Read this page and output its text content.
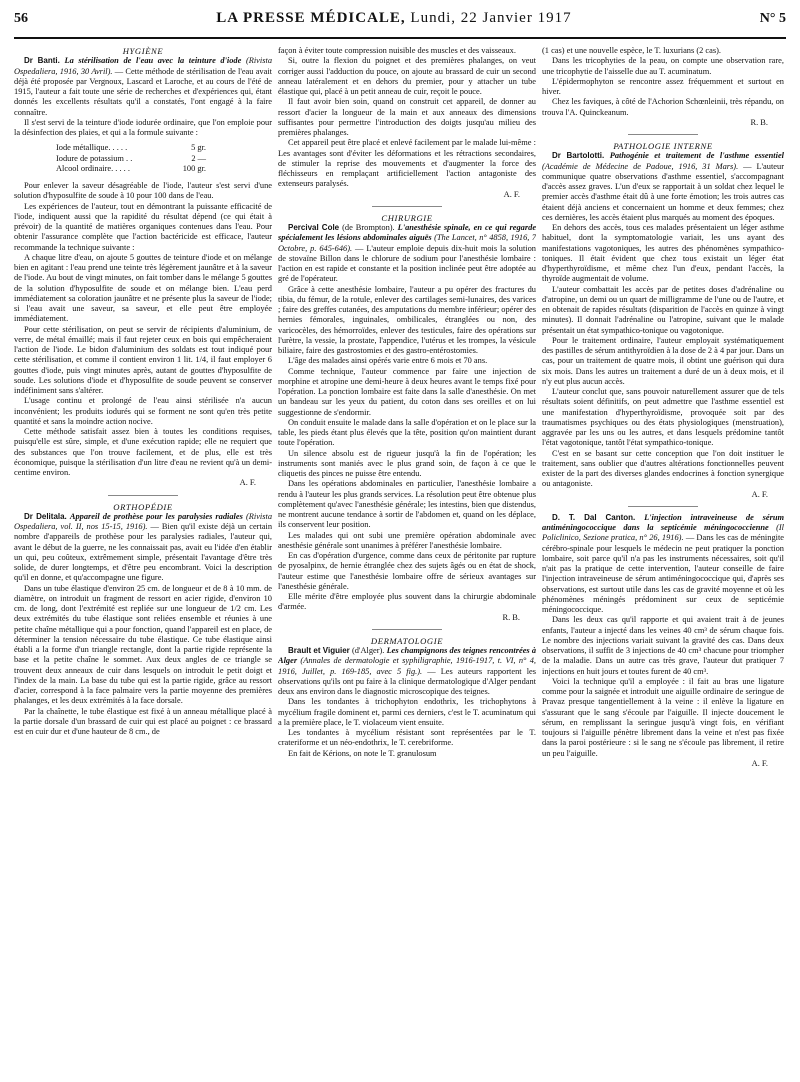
56	LA PRESSE MÉDICALE, Lundi, 22 Janvier 1917	N° 5

HYGIÈNE

Dr Banti. La stérilisation de l'eau avec la teinture d'iode (Rivista Ospedaliera, 1916, 30 Avril). — Cette méthode de stérilisation de l'eau avait déjà été proposée par Vergnoux, Lascard et Laroche, et au cours de l'été de 1915, l'auteur a fait toute une série de recherches et d'expériences qui, étant donnés les excellents résultats qu'il a constatés, l'ont engagé à la faire connaître.

Il s'est servi de la teinture d'iode iodurée ordinaire, que l'on emploie pour la désinfection des plaies, et qui a la formule suivante :

Iode métallique. . . . .	5 gr.
Iodure de potassium . .	2 —
Alcool ordinaire. . . . .	100 gr.

Pour enlever la saveur désagréable de l'iode, l'auteur s'est servi d'une solution d'hyposulfite de soude à 10 pour 100 dans de l'eau.

Les expériences de l'auteur, tout en démontrant la puissante efficacité de l'iode, indiquent aussi que la rapidité du résultat dépend (ce qui était à prévoir) de la quantité de matières organiques contenues dans l'eau. Pour obtenir l'assurance complète que l'action bactéricide est efficace, l'auteur recommande la technique suivante :

A chaque litre d'eau, on ajoute 5 gouttes de teinture d'iode et on mélange bien en agitant : l'eau prend une teinte très légèrement jaunâtre et à la saveur de l'iode. Au bout de vingt minutes, on fait tomber dans le mélange 5 gouttes de la solution d'hyposulfite de soude et on mélange bien. L'eau perd immédiatement sa coloration jaunâtre et ne présente plus la saveur de l'iode; si l'eau avait une saveur, sa saveur, et elle peut être employée immédiatement.

Pour cette stérilisation, on peut se servir de récipients d'aluminium, de verre, de métal émaillé; mais il faut rejeter ceux en bois qui empêcheraient l'action de l'iode. Le bidon d'aluminium des soldats est tout indiqué pour cette stérilisation, et comme il contient environ 1 lit. 1/4, il faut employer 6 gouttes d'iode, puis vingt minutes après, autant de gouttes d'hyposulfite de soude. Les solutions d'iode et d'hyposulfite de soude peuvent se conserver indéfiniment sans s'altérer.

L'usage continu et prolongé de l'eau ainsi stérilisée n'a aucun inconvénient; les produits iodurés qui se forment ne sont qu'en très petite quantité et sans la moindre action nocive.

Cette méthode satisfait assez bien à toutes les conditions requises, puisqu'elle est sûre, simple, et d'une exécution rapide; elle ne requiert que des substances que l'on trouve facilement, et de plus, elle est très économique, puisque la stérilisation d'un litre d'eau ne revient qu'à un demi-centime environ.

A. F.

ORTHOPÉDIE

Dr Delitala. Appareil de prothèse pour les paralysies radiales (Rivista Ospedaliera, vol. II, nos 15-15, 1916). — Bien qu'il existe déjà un certain nombre d'appareils de prothèse pour les paralysies radiales, l'auteur qui, avant le début de la guerre, ne les connaissait pas, avait eu l'idée d'en établir un qui, peu coûteux, extrêmement simple, présentait l'avantage d'être très solide, de durer longtemps, et d'être peu encombrant. Voici la description qu'il en donne, et qu'accompagne une figure.

Dans un tube élastique d'environ 25 cm. de longueur et de 8 à 10 mm. de diamètre, on introduit un fragment de ressort en acier rigide, d'environ 10 cm. de long, dont l'extrémité est repliée sur une longueur de 1/2 cm. Les deux extrémités du tube élastique sont reliées ensemble et réunies à une petite chaîne métallique qui a pour fonction, quand l'appareil est en place, de déterminer la tension nécessaire du tube élastique. Ce tube élastique ainsi établi a la forme d'un triangle rectangle, dont la partie rigide représente la base et la petite chaîne le sommet. Aux deux angles de ce triangle se trouvent deux anneaux de cuir dans lesquels on introduit le petit doigt et l'index de la main. La base du tube qui est la partie rigide, grâce au ressort d'acier, correspond à la face palmaire vers la partie moyenne des premières phalanges, et les deux extrémités à la face dorsale.

Par la chaînette, le tube élastique est fixé à un anneau métallique placé à la partie dorsale d'un brassard de cuir qui est placé au poignet : ce brassard est en cuir dur et d'une hauteur de 8 cm., de

façon à éviter toute compression nuisible des muscles et des vaisseaux.

Si, outre la flexion du poignet et des premières phalanges, on veut corriger aussi l'adduction du pouce, on ajoute au brassard de cuir un second anneau latéralement et en dehors du premier, pour y attacher un tube élastique qui, placé à un petit anneau de cuir, reçoit le pouce.

Il faut avoir bien soin, quand on construit cet appareil, de donner au ressort d'acier la longueur de la main et aux anneaux des dimensions suffisantes pour permettre l'introduction des doigts jusqu'au milieu des premières phalanges.

Cet appareil peut être placé et enlevé facilement par le malade lui-même : Les avantages sont d'éviter les déformations et les rétractions secondaires, de stimuler la reprise des mouvements et d'augmenter la force des fléchisseurs en remplaçant artificiellement l'action antagoniste des extenseurs paralysés.

A. F.

CHIRURGIE

Percival Cole (de Brompton). L'anesthésie spinale, en ce qui regarde spécialement les lésions abdominales aiguës (The Lancet, n° 4858, 1916, 7 Octobre, p. 645-646). — L'auteur emploie depuis dix-huit mois la solution de stovaïne Billon dans le chlorure de sodium pour l'anesthésie lombaire : l'action en est rapide et constante et la position inclinée peut être adoptée au gré de l'opérateur.

Grâce à cette anesthésie lombaire, l'auteur a pu opérer des fractures du tibia, du fémur, de la rotule, enlever des cartilages semi-lunaires, des varices ; faire des greffes cutanées, des amputations du membre inférieur; opérer des hernies fémorales, inguinales, ombilicales, étranglées ou non, des varicocèles, des hémorroïdes, enlever des testicules, faire des opérations sur l'urètre, la vessie, la prostate, l'appendice, l'utérus et les trompes, la vésicule biliaire, faire des gastrostomies et des gastro-entérostomies.

L'âge des malades ainsi opérés varie entre 6 mois et 70 ans.

Comme technique, l'auteur commence par faire une injection de morphine et atropine une demi-heure à deux heures avant le temps fixé pour l'opération. La ponction lombaire est faite dans la salle d'anesthésie. On met un bandeau sur les yeux du patient, du coton dans ses oreilles et on lui suggestionne de s'endormir.

On conduit ensuite le malade dans la salle d'opération et on le place sur la table, les pieds étant plus élevés que la tête, position qu'on maintient durant toute l'opération.

Un silence absolu est de rigueur jusqu'à la fin de l'opération; les instruments sont maniés avec le plus grand soin, de façon à ce que le cliquetis des pinces ne puisse être entendu.

Dans les opérations abdominales en particulier, l'anesthésie lombaire a rendu à l'auteur les plus grands services. La résolution peut être obtenue plus complètement qu'avec l'anesthésie générale; les intestins, bien que distendus, ne montrent aucune tendance à sortir de l'abdomen et, quand on les déplace, ils conservent leur position.

Les malades qui ont subi une première opération abdominale avec anesthésie générale sont unanimes à préférer l'anesthésie lombaire.

En cas d'opération d'urgence, comme dans ceux de péritonite par rupture de pyosalpinx, de hernie étranglée chez des sujets âgés ou en état de shock, l'auteur estime que l'anesthésie lombaire offre de sérieux avantages sur l'anesthésie générale.

Elle mérite d'être employée plus souvent dans la chirurgie abdominale d'armée.

R. B.

DERMATOLOGIE

Brault et Viguier (d'Alger). Les champignons des teignes rencontrées à Alger (Annales de dermatologie et syphiligraphie, 1916-1917, t. VI, n° 4, 1916, Juillet, p. 169-185, avec 5 fig.). — Les auteurs rapportent les observations qu'ils ont pu faire à la clinique dermatologique d'Alger pendant deux ans environ dans le diagnostic microscopique des teignes.

Dans les tondantes à trichophyton endothrix, les trichophytons à mycélium fragile dominent et, parmi ces derniers, c'est le T. acuminatum qui a la première place, le T. violaceum vient ensuite.

Les tondantes à mycélium résistant sont représentées par le T. crateriforme et un néo-endothrix, le T. cerebriforme.

En fait de Kérions, on note le T. granulosum

(1 cas) et une nouvelle espèce, le T. luxurians (2 cas).

Dans les tricophyties de la peau, on compte une observation rare, une tricophytie de l'aisselle due au T. acuminatum.

L'épidermophyton se rencontre assez fréquemment et surtout en hiver.

Chez les faviques, à côté de l'Achorion Schœnleinii, très répandu, on trouva l'A. Quinckeanum.

R. B.

PATHOLOGIE INTERNE

Dr Bartolotti. Pathogénie et traitement de l'asthme essentiel (Académie de Médecine de Padoue, 1916, 31 Mars). — L'auteur communique quatre observations d'asthme essentiel, s'accompagnant d'accès assez graves. L'un d'eux se rapportait à un soldat chez lequel le premier accès d'asthme était dû à une forte émotion; les trois autres cas étaient déjà anciens et concernaient un homme et deux femmes; chez ces dernières, les accès étaient plus marqués au moment des époques.

En dehors des accès, tous ces malades présentaient un léger asthme habituel, dont la symptomatologie variait, les uns ayant des manifestations vagotoniques, les autres des phénomènes sympathico-toniques. Il était évident que chez tous existait un léger état d'hyperthyroïdisme, et même chez l'un d'eux, pendant l'accès, la thyroïde augmentait de volume.

L'auteur combattait les accès par de petites doses d'adrénaline ou d'atropine, un demi ou un quart de milligramme de l'une ou de l'autre, et en obtenait de rapides résultats (disparition de l'accès en quinze à vingt minutes). Il donnait l'adrénaline ou l'atropine, suivant que le malade présentait un état sympathico-tonique ou vagotonique.

Pour le traitement ordinaire, l'auteur employait systématiquement des pastilles de sérum antithyroïdien à la dose de 2 à 4 par jour. Dans un cas, pour un traitement de quatre mois, il obtint une guérison qui dura six mois. Dans les autres un traitement a duré de un à deux mois, et il n'y eut plus aucun accès.

L'auteur conclut que, sans pouvoir naturellement assurer que de tels résultats soient définitifs, on peut admettre que l'asthme essentiel est une manifestation d'hyperthyroïdisme, provoquée soit par des traumatismes psychiques ou des états physiologiques (menstruation), aggravée par les uns ou les autres, et dans lesquels prédomine tantôt l'état vagotonique, tantôt l'état sympathico-tonique.

C'est en se basant sur cette conception que l'on doit instituer le traitement, sans oublier que d'autres altérations fonctionnelles peuvent exister de la part des diverses glandes endocrines à fonction synergique ou antagoniste.

A. F.

D. T. Dal Canton. L'injection intraveineuse de sérum antiméningococcique dans la septicémie méningococcienne (Il Policlinico, Sezione pratica, n° 26, 1916). — Dans les cas de méningite cérébro-spinale pour lesquels le médecin ne peut pratiquer la ponction lombaire, soit parce qu'il n'a pas les instruments nécessaires, soit qu'il n'ait pas la pratique de cette intervention, l'auteur conseille de faire l'injection intraveineuse de sérum antiméningococcique qui, d'après ses observations, est surtout utile dans les cas de gravité moyenne et où les phénomènes méningés prédominent sur ceux de septicémie méningococcique.

Dans les deux cas qu'il rapporte et qui avaient trait à de jeunes enfants, l'auteur a injecté dans les veines 40 cm³ de sérum chaque fois. Le nombre des injections variait suivant la gravité des cas. Dans deux observations, il suffit de 3 injections de 40 cm³ chacune pour triompher de la maladie. Dans un autre cas très grave, l'auteur dut pratiquer 7 injections en huit jours et toutes furent de 40 cm³.

Voici la technique qu'il a employée : il fait au bras une ligature comme pour la saignée et introduit une aiguille ordinaire de seringue de Pravaz presque tangentiellement à la veine : il enlève la ligature en s'assurant que le sang s'écoule par l'aiguille. Il injecte doucement le sérum, en remplissant la seringue jusqu'à vingt fois, en vérifiant toujours si l'aiguille pénètre librement dans la veine et n'est pas fixée dans la paroi postérieure : si le sang ne s'écoule pas librement, il retire un peu l'aiguille.

A. F.
